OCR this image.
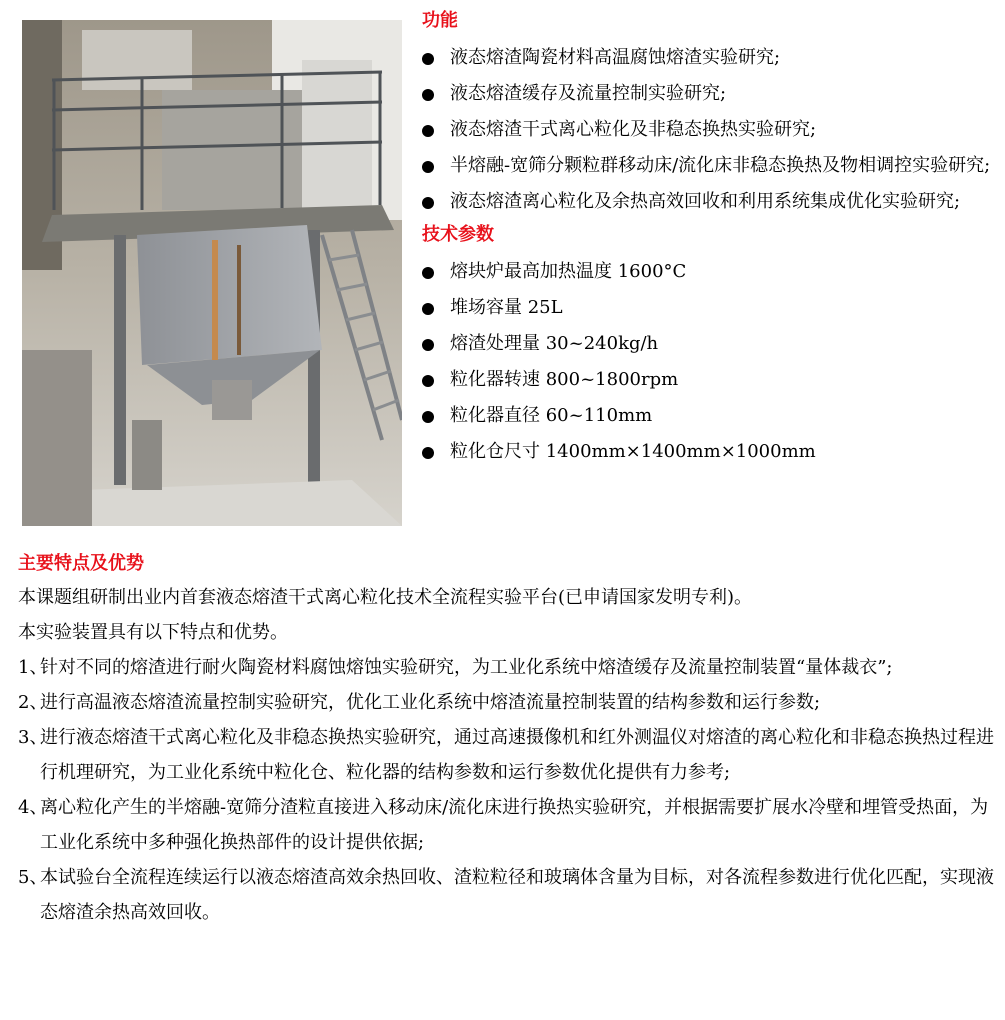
功能
液态熔渣陶瓷材料高温腐蚀熔渣实验研究;
液态熔渣缓存及流量控制实验研究;
液态熔渣干式离心粒化及非稳态换热实验研究;
半熔融-宽筛分颗粒群移动床/流化床非稳态换热及物相调控实验研究;
液态熔渣离心粒化及余热高效回收和利用系统集成优化实验研究;
技术参数
熔块炉最高加热温度 1600°C
堆场容量 25L
熔渣处理量 30~240kg/h
粒化器转速 800~1800rpm
粒化器直径 60~110mm
粒化仓尺寸 1400mm×1400mm×1000mm
主要特点及优势
本课题组研制出业内首套液态熔渣干式离心粒化技术全流程实验平台(已申请国家发明专利)。
本实验装置具有以下特点和优势。
1、
针对不同的熔渣进行耐火陶瓷材料腐蚀熔蚀实验研究，为工业化系统中熔渣缓存及流量控制装置“量体裁衣”;
2、
进行高温液态熔渣流量控制实验研究，优化工业化系统中熔渣流量控制装置的结构参数和运行参数;
3、
进行液态熔渣干式离心粒化及非稳态换热实验研究，通过高速摄像机和红外测温仪对熔渣的离心粒化和非稳态换热过程进行机理研究，为工业化系统中粒化仓、粒化器的结构参数和运行参数优化提供有力参考;
4、
离心粒化产生的半熔融-宽筛分渣粒直接进入移动床/流化床进行换热实验研究，并根据需要扩展水冷壁和埋管受热面，为工业化系统中多种强化换热部件的设计提供依据;
5、
本试验台全流程连续运行以液态熔渣高效余热回收、渣粒粒径和玻璃体含量为目标，对各流程参数进行优化匹配，实现液态熔渣余热高效回收。
